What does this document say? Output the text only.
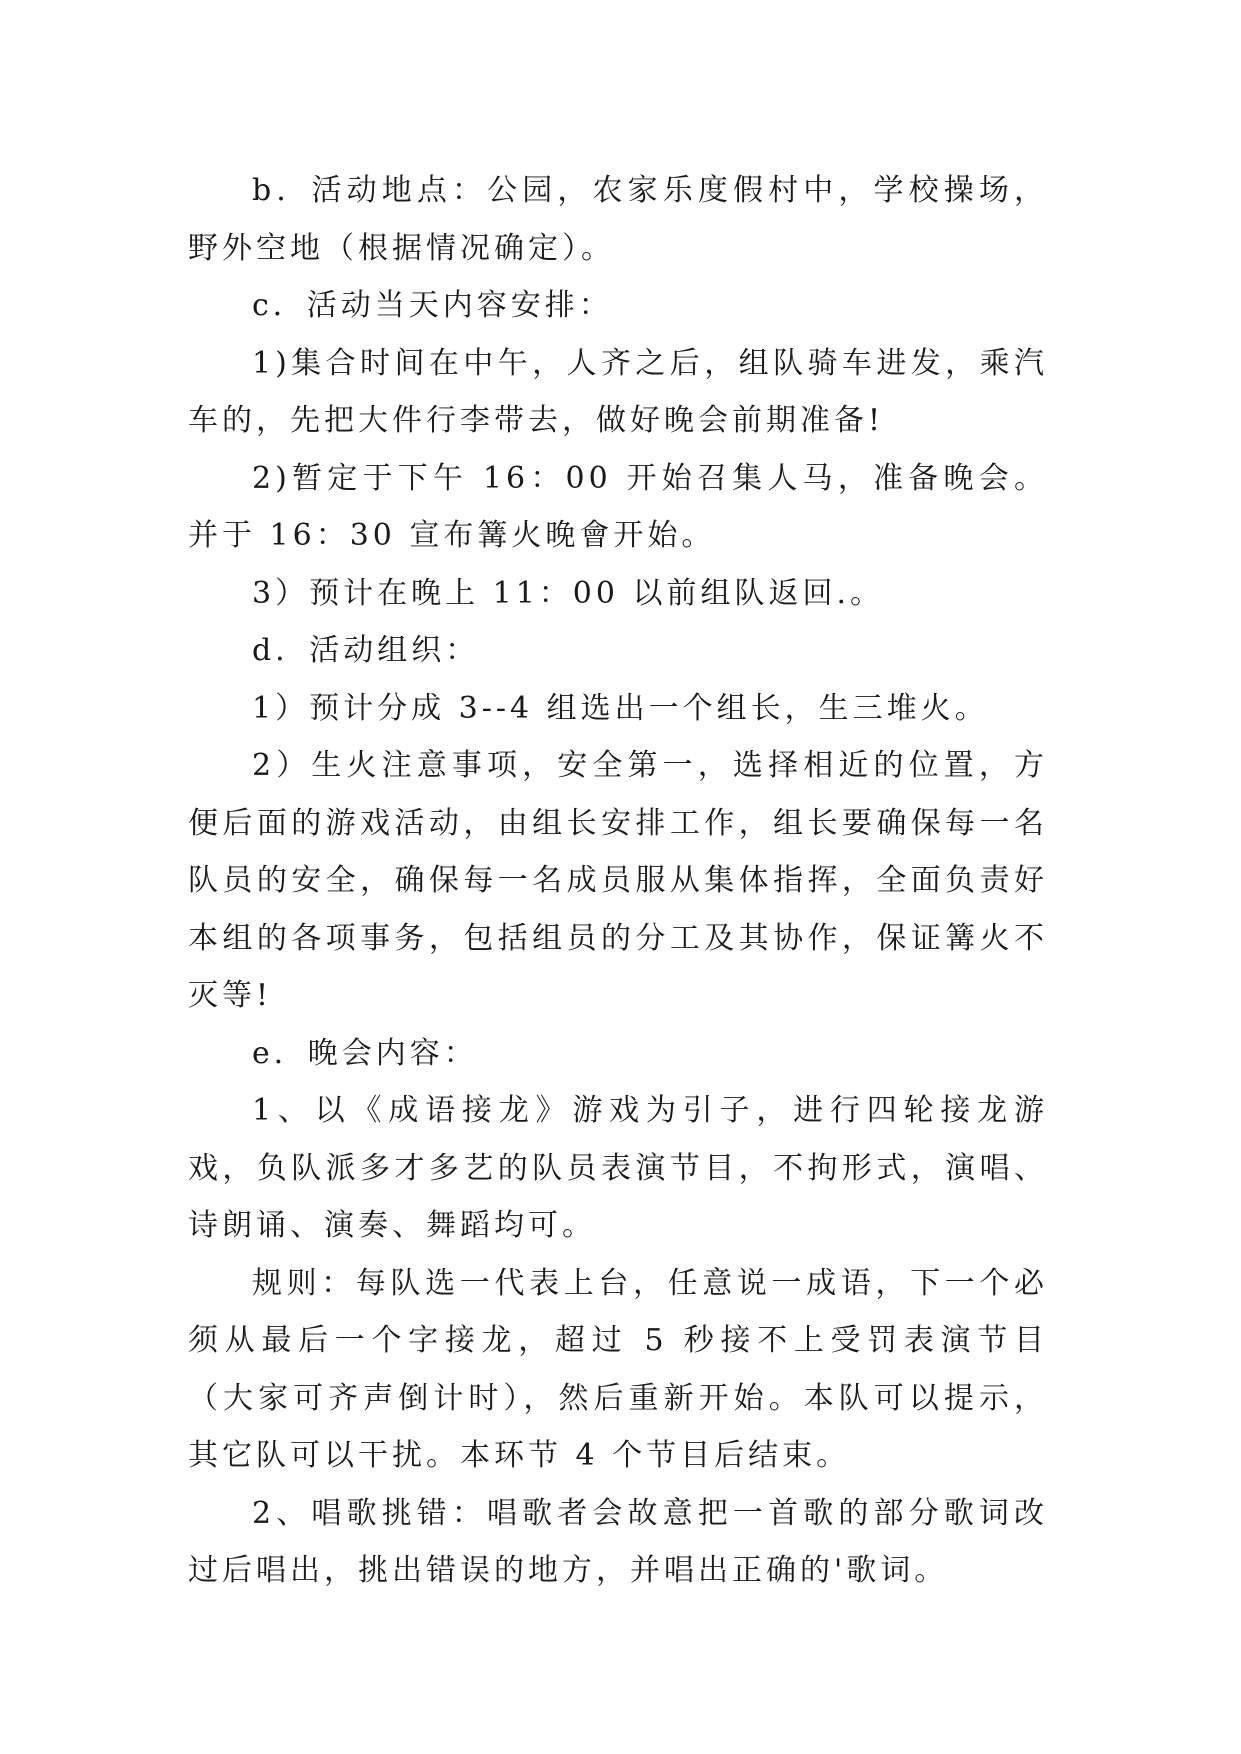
b．活动地点：公园，农家乐度假村中，学校操场，野外空地（根据情况确定）。

c．活动当天内容安排：

1)集合时间在中午，人齐之后，组队骑车进发，乘汽车的，先把大件行李带去，做好晚会前期准备!

2)暂定于下午 16：00 开始召集人马，准备晚会。并于 16：30 宣布篝火晚會开始。

3）预计在晚上 11：00 以前组队返回.。

d．活动组织：

1）预计分成 3--4 组选出一个组长，生三堆火。

2）生火注意事项，安全第一，选择相近的位置，方便后面的游戏活动，由组长安排工作，组长要确保每一名队员的安全，确保每一名成员服从集体指挥，全面负责好本组的各项事务，包括组员的分工及其协作，保证篝火不灭等!

e．晚会内容：

1、以《成语接龙》游戏为引子，进行四轮接龙游戏，负队派多才多艺的队员表演节目，不拘形式，演唱、诗朗诵、演奏、舞蹈均可。

规则：每队选一代表上台，任意说一成语，下一个必须从最后一个字接龙，超过 5 秒接不上受罚表演节目（大家可齐声倒计时），然后重新开始。本队可以提示，其它队可以干扰。本环节 4 个节目后结束。

2、唱歌挑错：唱歌者会故意把一首歌的部分歌词改过后唱出，挑出错误的地方，并唱出正确的'歌词。
